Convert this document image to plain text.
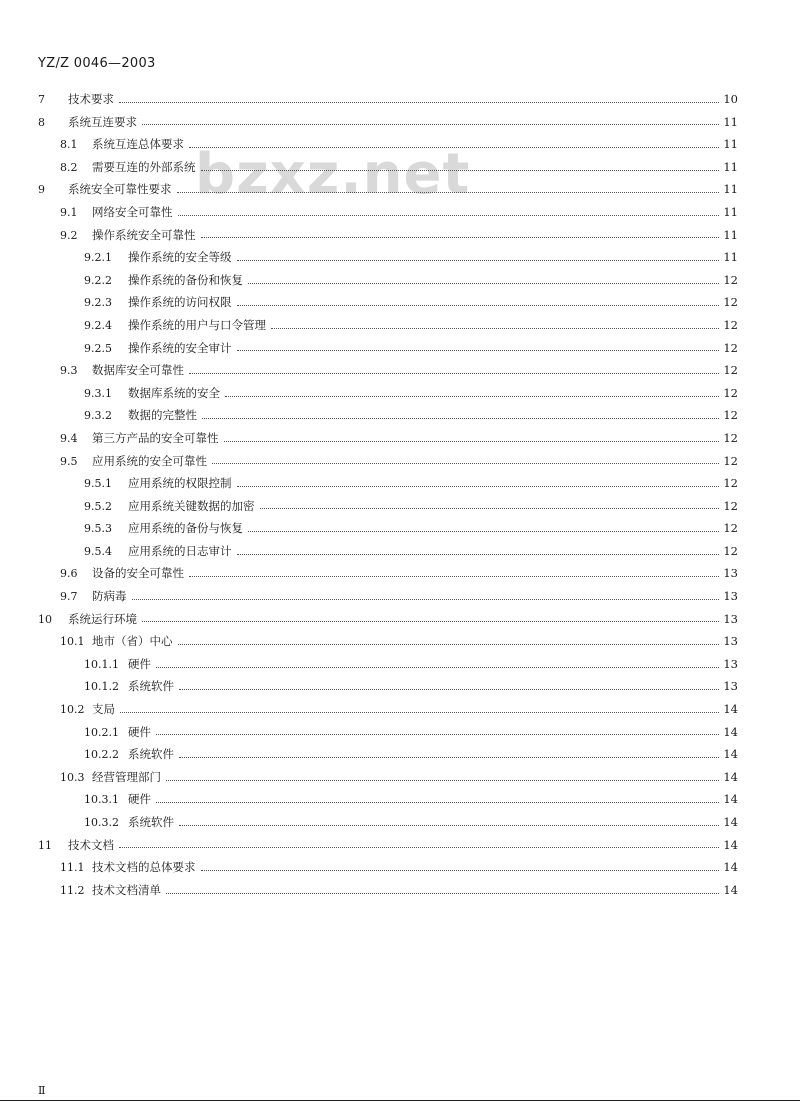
YZ/Z 0046—2003
bzxz.net
7	技术要求	10
8	系统互连要求	11
8.1	系统互连总体要求	11
8.2	需要互连的外部系统	11
9	系统安全可靠性要求	11
9.1	网络安全可靠性	11
9.2	操作系统安全可靠性	11
9.2.1	操作系统的安全等级	11
9.2.2	操作系统的备份和恢复	12
9.2.3	操作系统的访问权限	12
9.2.4	操作系统的用户与口令管理	12
9.2.5	操作系统的安全审计	12
9.3	数据库安全可靠性	12
9.3.1	数据库系统的安全	12
9.3.2	数据的完整性	12
9.4	第三方产品的安全可靠性	12
9.5	应用系统的安全可靠性	12
9.5.1	应用系统的权限控制	12
9.5.2	应用系统关键数据的加密	12
9.5.3	应用系统的备份与恢复	12
9.5.4	应用系统的日志审计	12
9.6	设备的安全可靠性	13
9.7	防病毒	13
10	系统运行环境	13
10.1 地市（省）中心	13
10.1.1 硬件	13
10.1.2 系统软件	13
10.2 支局	14
10.2.1 硬件	14
10.2.2 系统软件	14
10.3 经营管理部门	14
10.3.1 硬件	14
10.3.2 系统软件	14
11	技术文档	14
11.1 技术文档的总体要求	14
11.2 技术文档清单	14
Ⅱ
